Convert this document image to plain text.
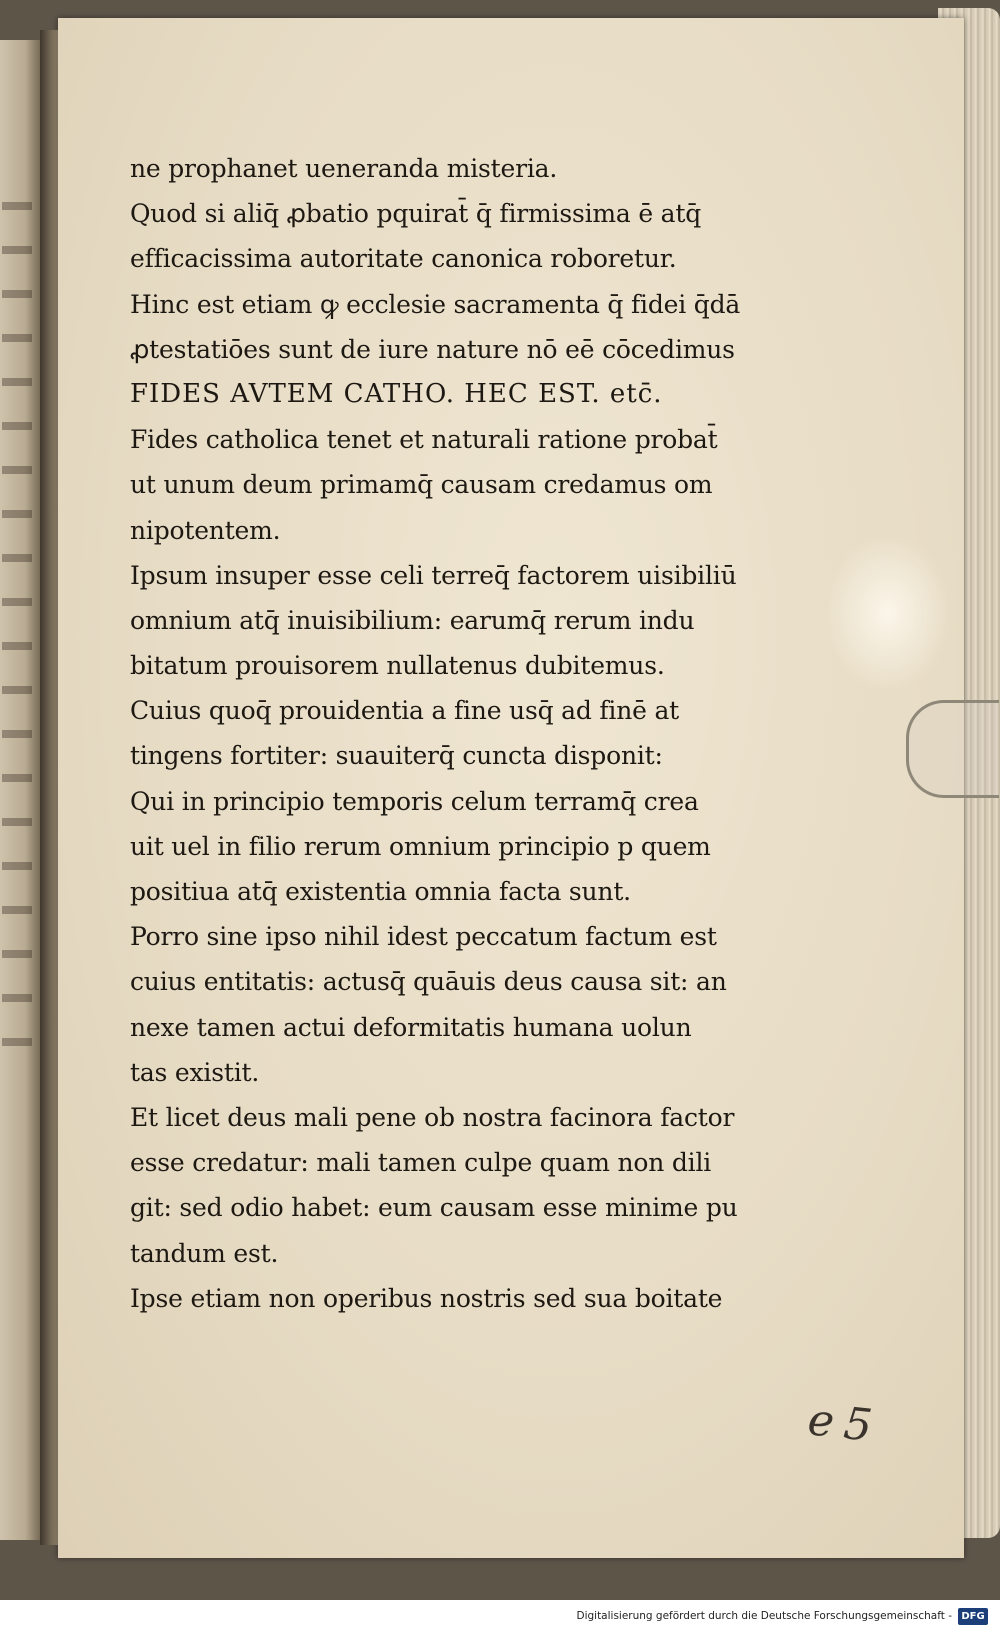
ne prophanet ueneranda misteria.
Quod si aliq̄ ꝓbatio pquirat̄ q̄ firmissima ē atq̄
efficacissima autoritate canonica roboretur.
Hinc est etiam ꝙ ecclesie sacramenta q̄ fidei q̄dā
ꝓtestatiōes sunt de iure nature nō eē cōcedimus
FIDES AVTEM CATHO. HEC EST. etc̄.
Fides catholica tenet et naturali ratione probat̄
ut unum deum primamq̄ causam credamus om
nipotentem.
Ipsum insuper esse celi terreq̄ factorem uisibiliū
omnium atq̄ inuisibilium: earumq̄ rerum indu
bitatum prouisorem nullatenus dubitemus.
Cuius quoq̄ prouidentia a fine usq̄ ad finē at
tingens fortiter: suauiterq̄ cuncta disponit:
Qui in principio temporis celum terramq̄ crea
uit uel in filio rerum omnium principio p quem
positiua atq̄ existentia omnia facta sunt.
Porro sine ipso nihil idest peccatum factum est
cuius entitatis: actusq̄ quāuis deus causa sit: an
nexe tamen actui deformitatis humana uolun
tas existit.
Et licet deus mali pene ob nostra facinora factor
esse credatur: mali tamen culpe quam non dili
git: sed odio habet: eum causam esse minime pu
tandum est.
Ipse etiam non operibus nostris sed sua boitate
e5
Digitalisierung gefördert durch die Deutsche Forschungsgemeinschaft - DFG
